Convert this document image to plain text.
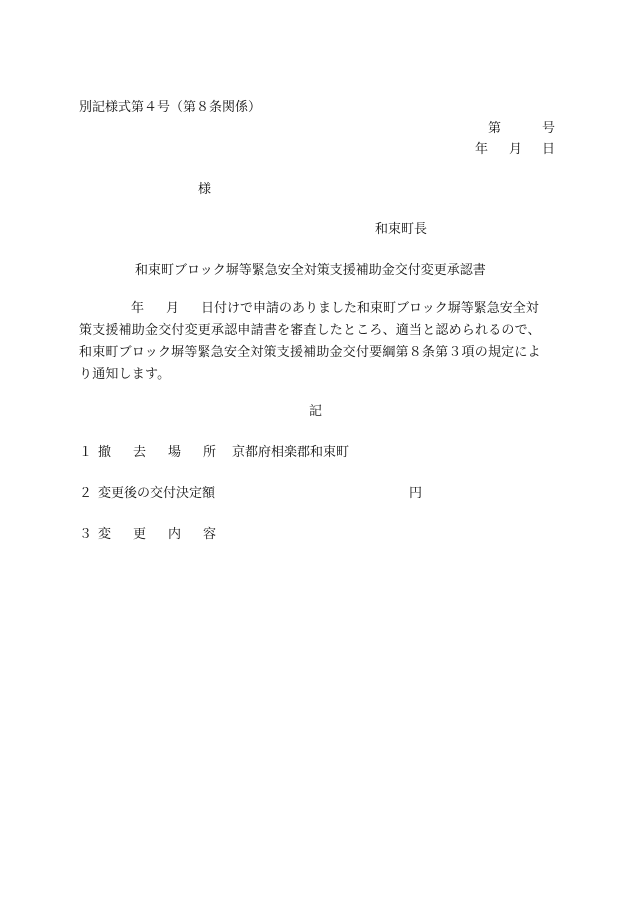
別記様式第４号（第８条関係）
第	号
年 月 日
様
和束町長
和束町ブロック塀等緊急安全対策支援補助金交付変更承認書
年 月 日付けで申請のありました和束町ブロック塀等緊急安全対
策支援補助金交付変更承認申請書を審査したところ、適当と認められるので、
和束町ブロック塀等緊急安全対策支援補助金交付要綱第８条第３項の規定によ
り通知します。
記
１ 撤 去 場 所 京都府相楽郡和束町
２ 変更後の交付決定額	円
３ 変 更 内 容
